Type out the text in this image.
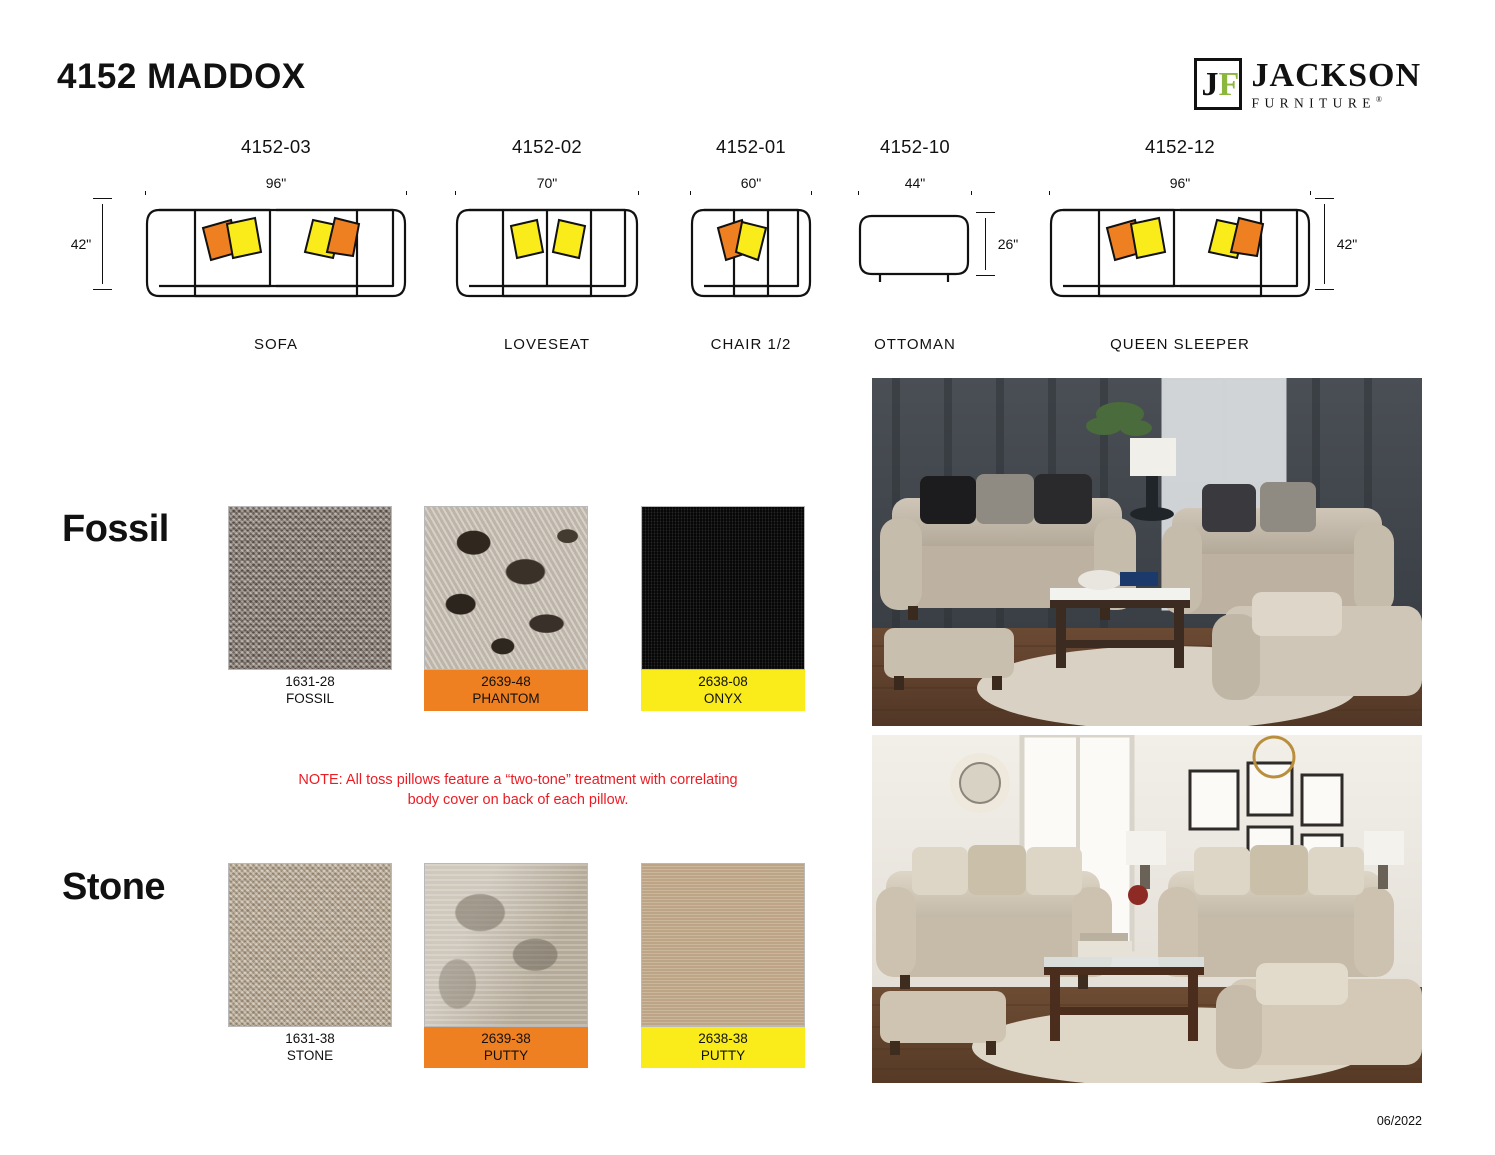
4152 MADDOX	J F JACKSON
FURNITURE®
4152-03
96"
42"
SOFA
4152-02
70"
LOVESEAT
4152-01
60"
CHAIR 1/2
4152-10
44"
26"
OTTOMAN
4152-12
96"
42"
QUEEN SLEEPER
Fossil
1631-28
FOSSIL
2639-48
PHANTOM
2638-08
ONYX
NOTE: All toss pillows feature a “two-tone” treatment with correlating
body cover on back of each pillow.
Stone
1631-38
STONE
2639-38
PUTTY
2638-38
PUTTY
06/2022
